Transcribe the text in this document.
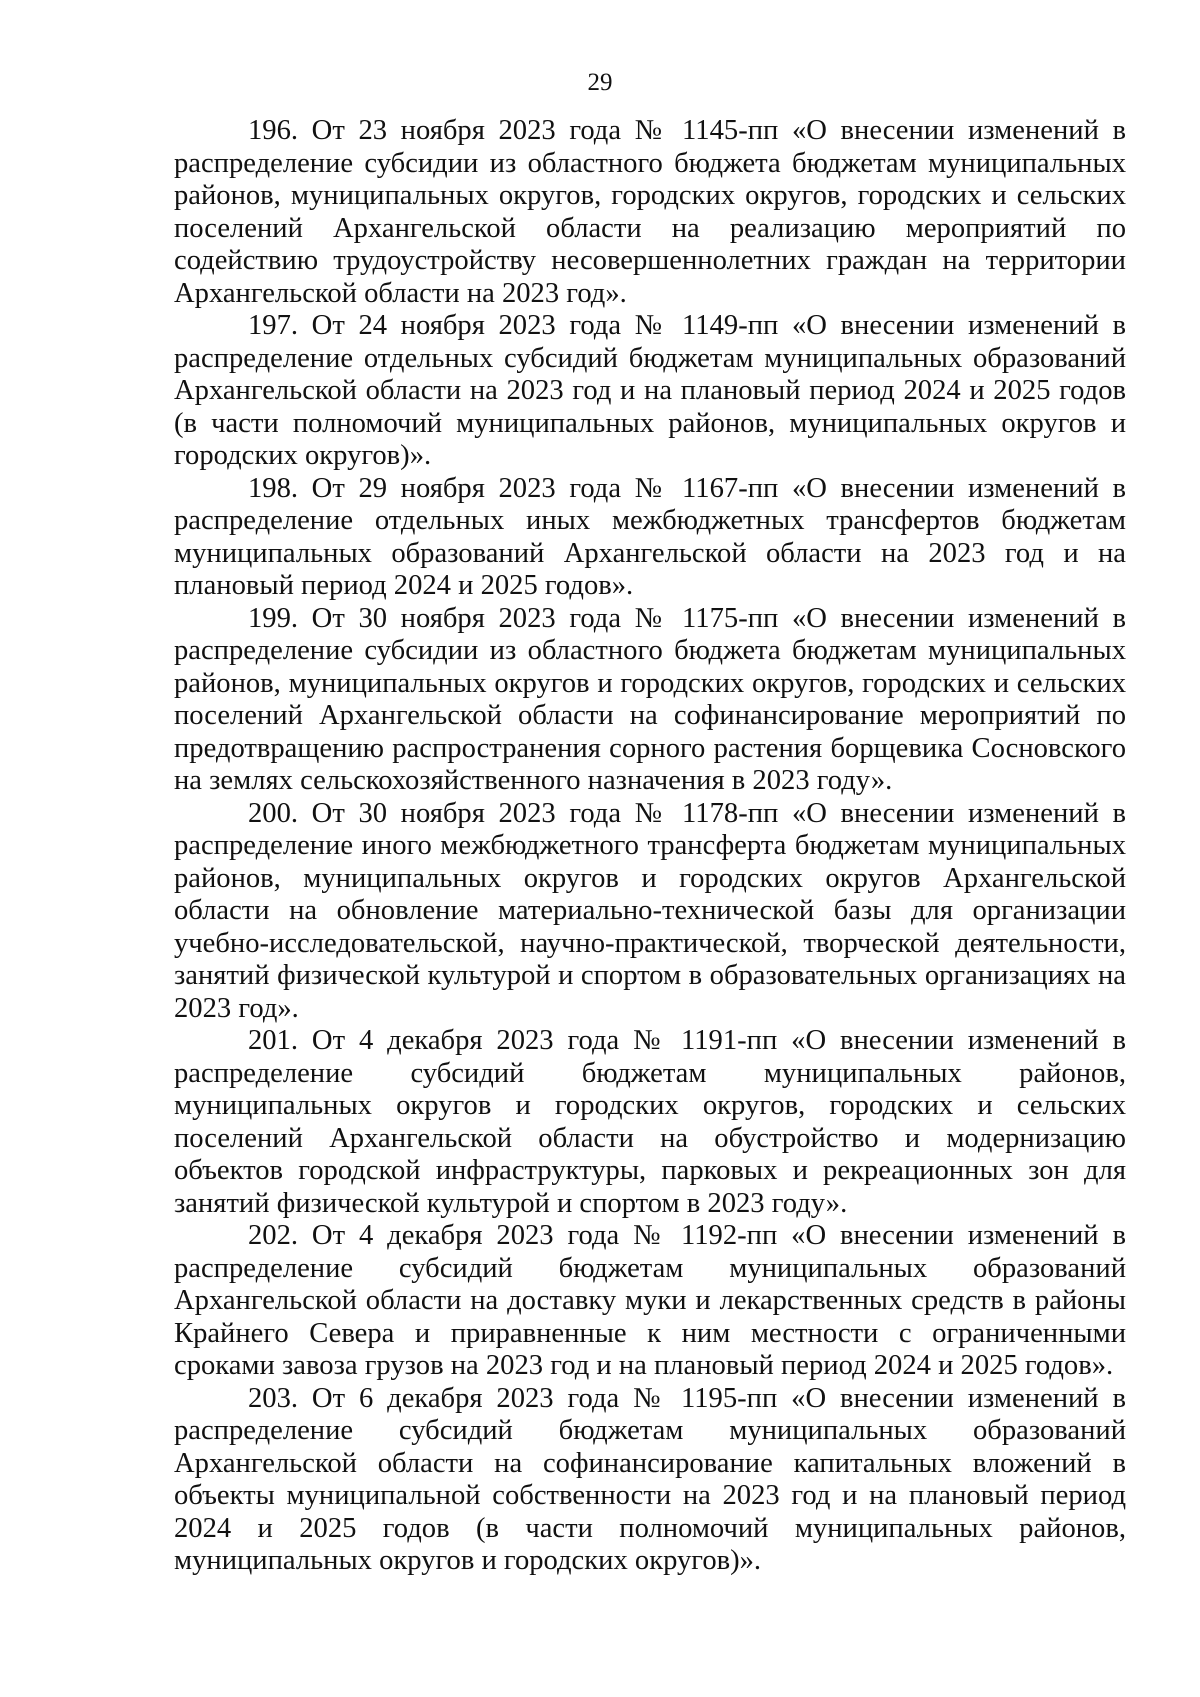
29

196. От 23 ноября 2023 года № 1145-пп «О внесении изменений в распределение субсидии из областного бюджета бюджетам муниципальных районов, муниципальных округов, городских округов, городских и сельских поселений Архангельской области на реализацию мероприятий по содействию трудоустройству несовершеннолетних граждан на территории Архангельской области на 2023 год».

197. От 24 ноября 2023 года № 1149-пп «О внесении изменений в распределение отдельных субсидий бюджетам муниципальных образований Архангельской области на 2023 год и на плановый период 2024 и 2025 годов (в части полномочий муниципальных районов, муниципальных округов и городских округов)».

198. От 29 ноября 2023 года № 1167-пп «О внесении изменений в распределение отдельных иных межбюджетных трансфертов бюджетам муниципальных образований Архангельской области на 2023 год и на плановый период 2024 и 2025 годов».

199. От 30 ноября 2023 года № 1175-пп «О внесении изменений в распределение субсидии из областного бюджета бюджетам муниципальных районов, муниципальных округов и городских округов, городских и сельских поселений Архангельской области на софинансирование мероприятий по предотвращению распространения сорного растения борщевика Сосновского на землях сельскохозяйственного назначения в 2023 году».

200. От 30 ноября 2023 года № 1178-пп «О внесении изменений в распределение иного межбюджетного трансферта бюджетам муниципальных районов, муниципальных округов и городских округов Архангельской области на обновление материально-технической базы для организации учебно-исследовательской, научно-практической, творческой деятельности, занятий физической культурой и спортом в образовательных организациях на 2023 год».

201. От 4 декабря 2023 года № 1191-пп «О внесении изменений в распределение субсидий бюджетам муниципальных районов, муниципальных округов и городских округов, городских и сельских поселений Архангельской области на обустройство и модернизацию объектов городской инфраструктуры, парковых и рекреационных зон для занятий физической культурой и спортом в 2023 году».

202. От 4 декабря 2023 года № 1192-пп «О внесении изменений в распределение субсидий бюджетам муниципальных образований Архангельской области на доставку муки и лекарственных средств в районы Крайнего Севера и приравненные к ним местности с ограниченными сроками завоза грузов на 2023 год и на плановый период 2024 и 2025 годов».

203. От 6 декабря 2023 года № 1195-пп «О внесении изменений в распределение субсидий бюджетам муниципальных образований Архангельской области на софинансирование капитальных вложений в объекты муниципальной собственности на 2023 год и на плановый период 2024 и 2025 годов (в части полномочий муниципальных районов, муниципальных округов и городских округов)».
